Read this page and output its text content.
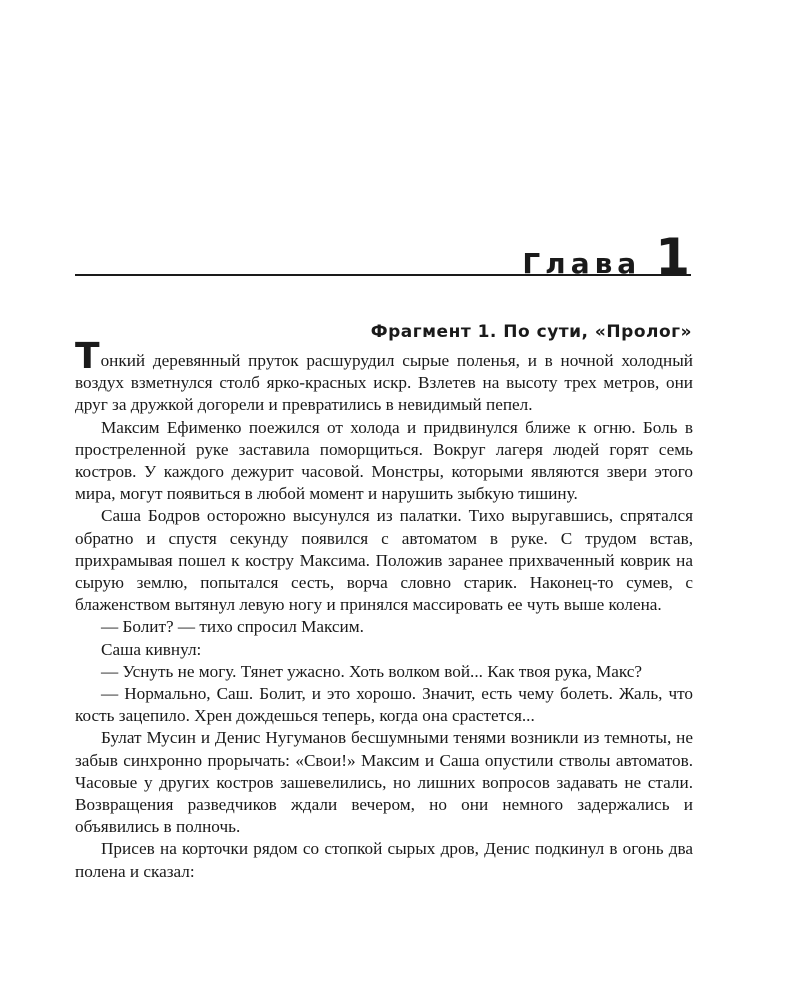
Глава 1
Фрагмент 1. По сути, «Пролог»

Тонкий деревянный пруток расшурудил сырые поленья, и в ночной холодный воздух взметнулся столб ярко-красных искр. Взлетев на высоту трех метров, они друг за дружкой догорели и превратились в невидимый пепел.

Максим Ефименко поежился от холода и придвинулся ближе к огню. Боль в простреленной руке заставила поморщиться. Вокруг лагеря людей горят семь костров. У каждого дежурит часовой. Монстры, которыми являются звери этого мира, могут появиться в любой момент и нарушить зыбкую тишину.

Саша Бодров осторожно высунулся из палатки. Тихо выругавшись, спрятался обратно и спустя секунду появился с автоматом в руке. С трудом встав, прихрамывая пошел к костру Максима. Положив заранее прихваченный коврик на сырую землю, попытался сесть, ворча словно старик. Наконец-то сумев, с блаженством вытянул левую ногу и принялся массировать ее чуть выше колена.

— Болит? — тихо спросил Максим.

Саша кивнул:

— Уснуть не могу. Тянет ужасно. Хоть волком вой... Как твоя рука, Макс?

— Нормально, Саш. Болит, и это хорошо. Значит, есть чему болеть. Жаль, что кость зацепило. Хрен дождешься теперь, когда она срастется...

Булат Мусин и Денис Нугуманов бесшумными тенями возникли из темноты, не забыв синхронно прорычать: «Свои!» Максим и Саша опустили стволы автоматов. Часовые у других костров зашевелились, но лишних вопросов задавать не стали. Возвращения разведчиков ждали вечером, но они немного задержались и объявились в полночь.

Присев на корточки рядом со стопкой сырых дров, Денис подкинул в огонь два полена и сказал:
